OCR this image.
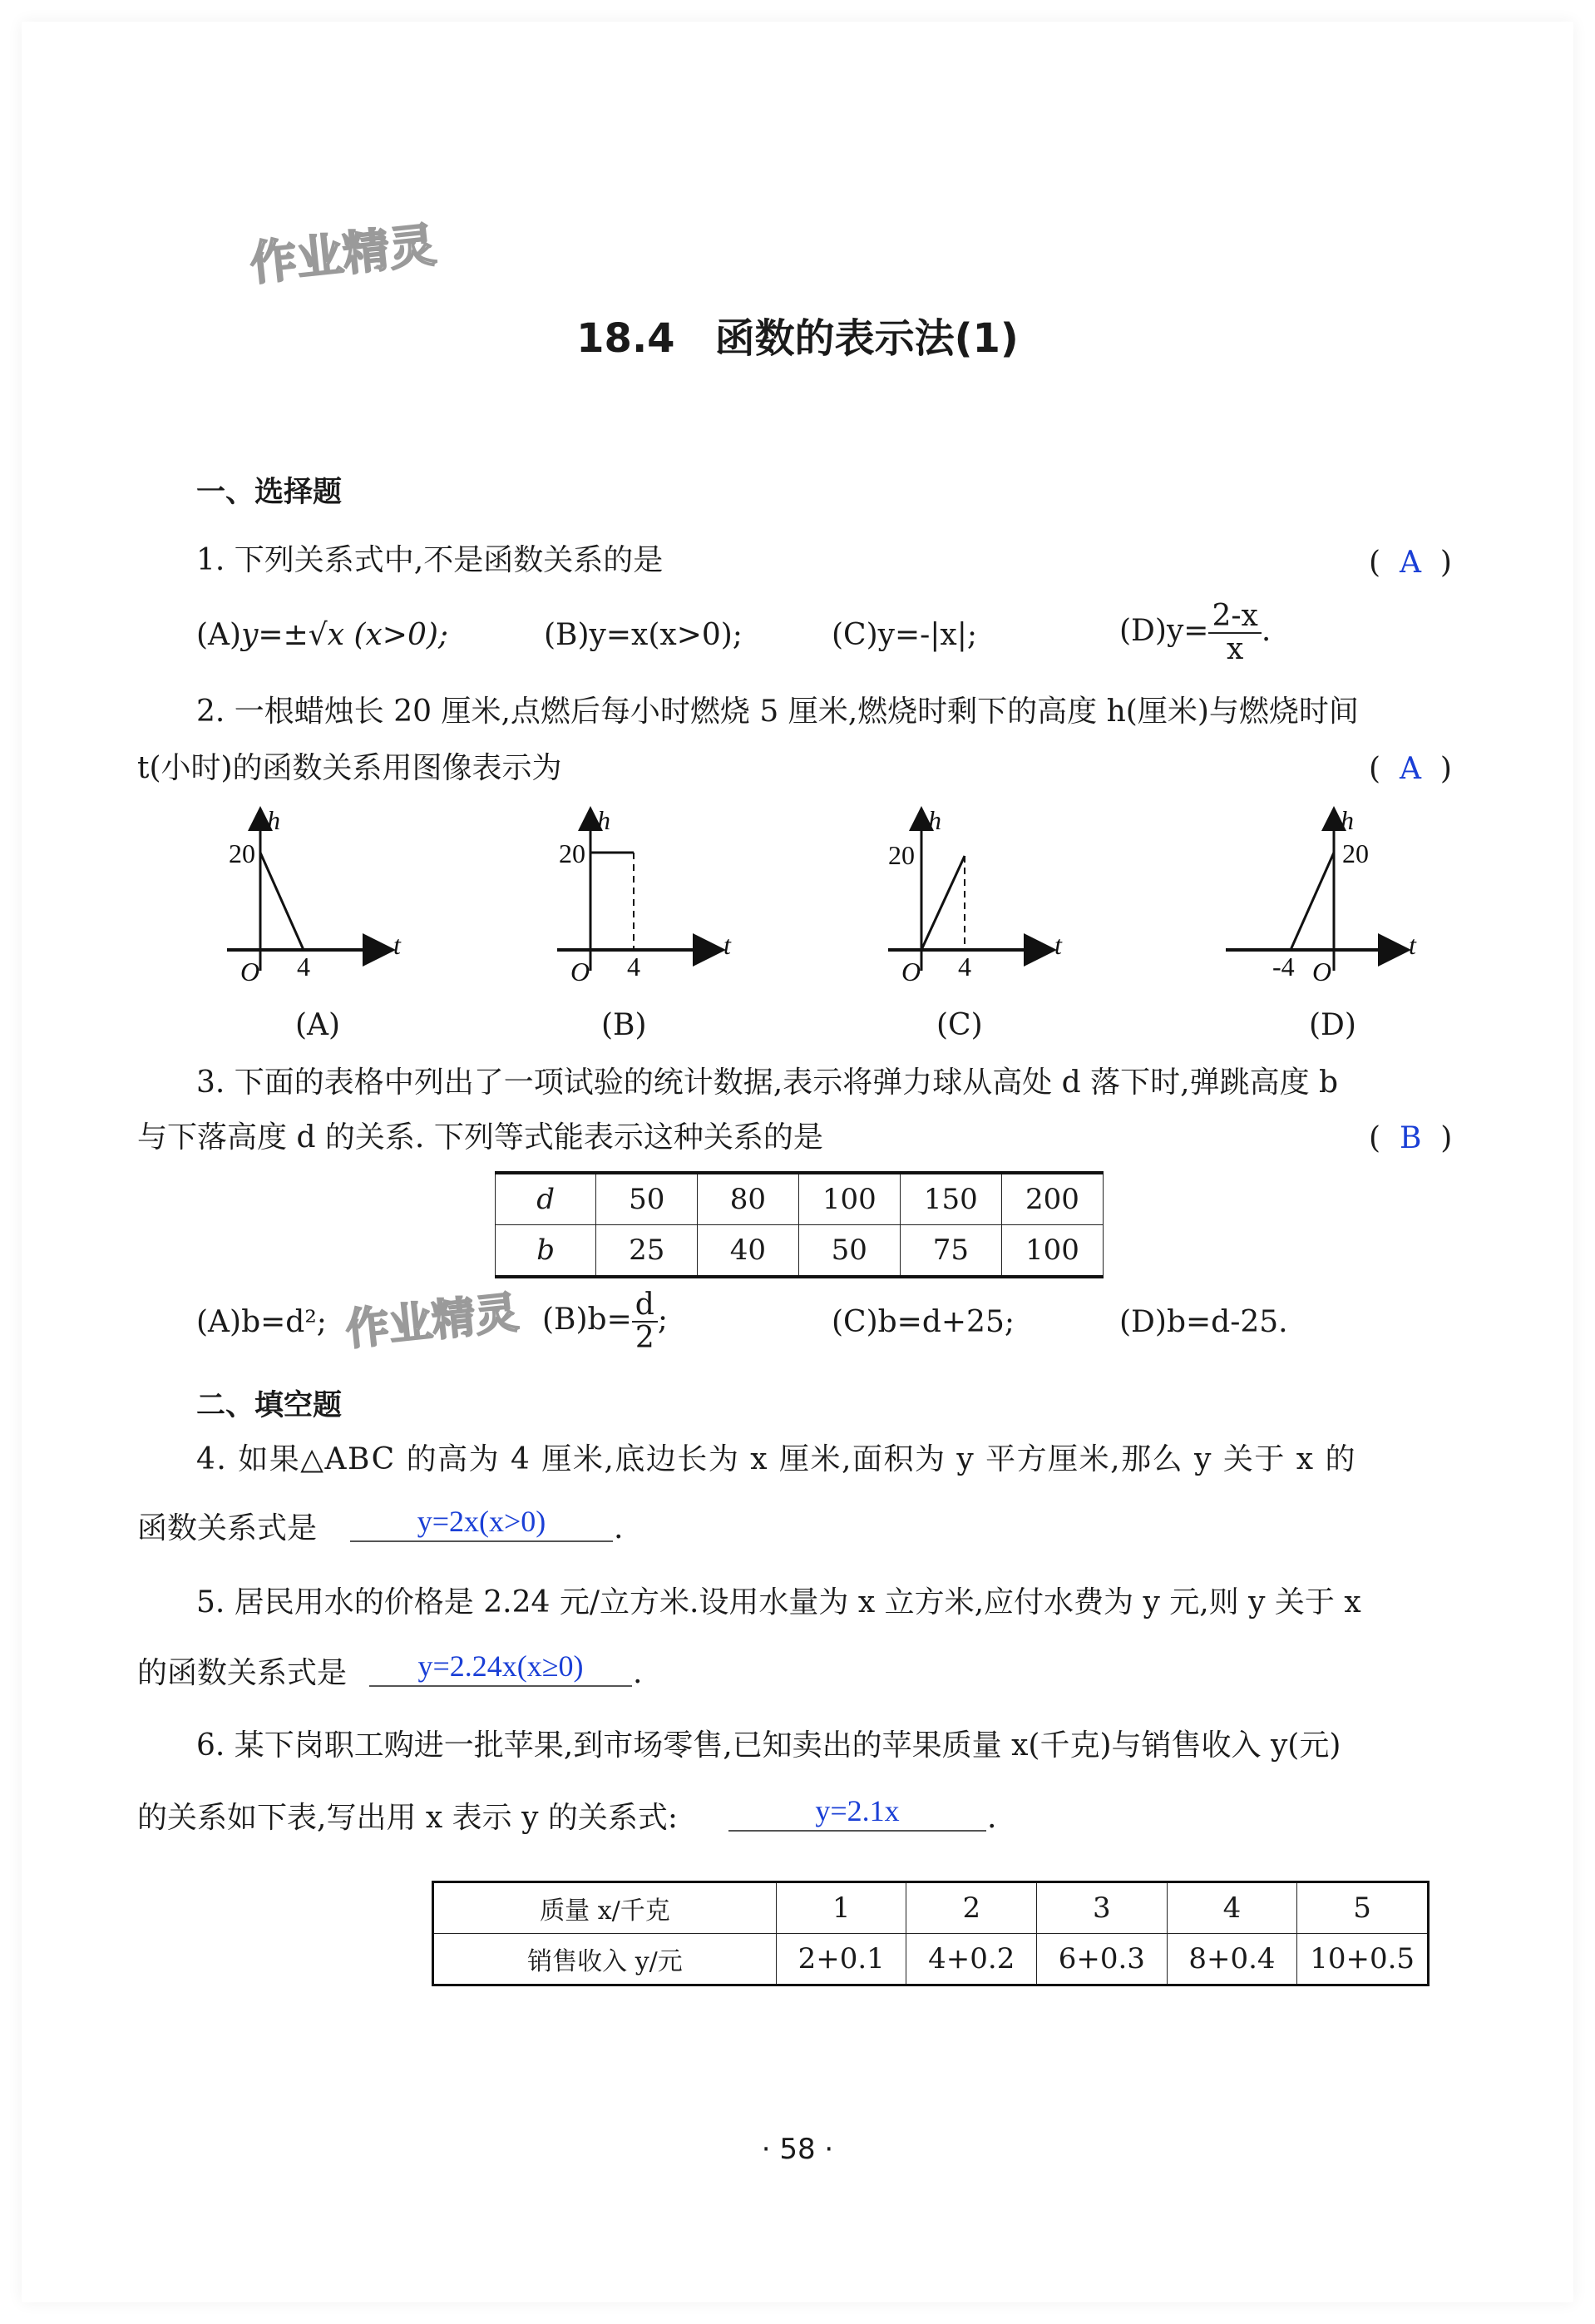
作业精灵
18.4　函数的表示法(1)
一、选择题
1. 下列关系式中,不是函数关系的是	(  A  )
(A)y=±√x (x>0);	(B)y=x(x>0);	(C)y=-|x|;	$(D)y= \frac{2-x}{x}$ .
2. 一根蜡烛长 20 厘米,点燃后每小时燃烧 5 厘米,燃烧时剩下的高度 h(厘米)与燃烧时间
t(小时)的函数关系用图像表示为	(  A  )
h
t
20
4
O
h
t
20
4
O
h
t
20
4
O
h
t
20
-4 O
(A)	(B)	(C)	(D)
3. 下面的表格中列出了一项试验的统计数据,表示将弹力球从高处 d 落下时,弹跳高度 b
与下落高度 d 的关系. 下列等式能表示这种关系的是	(  B  )
d	50	80	100	150	200
b	25	40	50	75	100
作业精灵
(A)b=d²;	$(B)b= \frac{d}{2}$ ;	(C)b=d+25;	(D)b=d-25.
二、填空题
4. 如果△ABC 的高为 4 厘米,底边长为 x 厘米,面积为 y 平方厘米,那么 y 关于 x 的
函数关系式是	y=2x(x>0)	.
5. 居民用水的价格是 2.24 元/立方米.设用水量为 x 立方米,应付水费为 y 元,则 y 关于 x
的函数关系式是	y=2.24x(x≥0)	.
6. 某下岗职工购进一批苹果,到市场零售,已知卖出的苹果质量 x(千克)与销售收入 y(元)
的关系如下表,写出用 x 表示 y 的关系式:	y=2.1x	.
质量 x/千克	1	2	3	4	5
销售收入 y/元	2+0.1	4+0.2	6+0.3	8+0.4	10+0.5
· 58 ·
